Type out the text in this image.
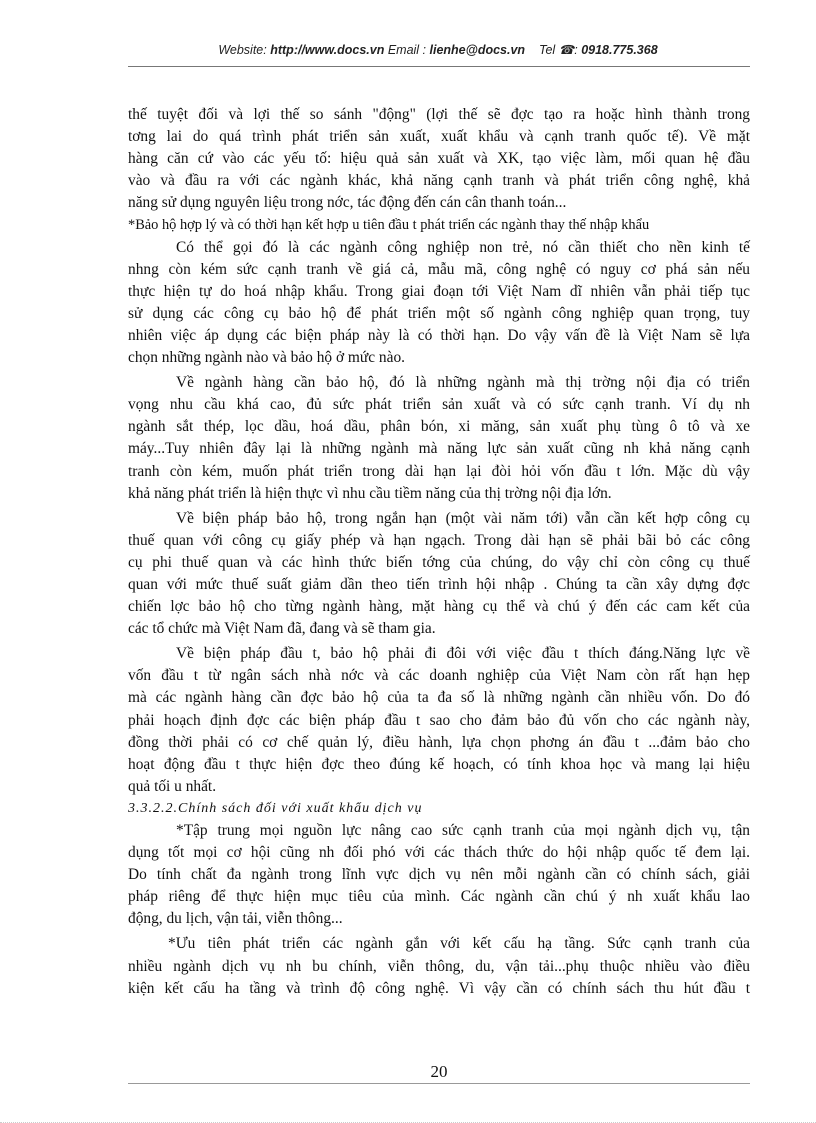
Website: http://www.docs.vn Email : lienhe@docs.vn Tel ☎: 0918.775.368
thế tuyệt đối và lợi thế so sánh "động" (lợi thế sẽ đợc tạo ra hoặc hình thành trong
tơng lai do quá trình phát triển sản xuất, xuất khẩu và cạnh tranh quốc tế). Về mặt
hàng căn cứ vào các yếu tố: hiệu quả sản xuất và XK, tạo việc làm, mối quan hệ đầu
vào và đầu ra với các ngành khác, khả năng cạnh tranh và phát triển công nghệ, khả
năng sử dụng nguyên liệu trong nớc, tác động đến cán cân thanh toán...
*Bảo hộ hợp lý và có thời hạn kết hợp u tiên đầu t phát triển các ngành thay thế nhập khẩu
Có thể gọi đó là các ngành công nghiệp non trẻ, nó cần thiết cho nền kinh tế
nhng còn kém sức cạnh tranh về giá cả, mẫu mã, công nghệ có nguy cơ phá sản nếu
thực hiện tự do hoá nhập khẩu. Trong giai đoạn tới Việt Nam dĩ nhiên vẫn phải tiếp tục
sử dụng các công cụ bảo hộ để phát triển một số ngành công nghiệp quan trọng, tuy
nhiên việc áp dụng các biện pháp này là có thời hạn. Do vậy vấn đề là Việt Nam sẽ lựa
chọn những ngành nào và bảo hộ ở mức nào.
Về ngành hàng cần bảo hộ, đó là những ngành mà thị trờng nội địa có triển
vọng nhu cầu khá cao, đủ sức phát triển sản xuất và có sức cạnh tranh. Ví dụ nh
ngành sắt thép, lọc dầu, hoá dầu, phân bón, xi măng, sản xuất phụ tùng ô tô và xe
máy...Tuy nhiên đây lại là những ngành mà năng lực sản xuất cũng nh khả năng cạnh
tranh còn kém, muốn phát triển trong dài hạn lại đòi hỏi vốn đầu t lớn. Mặc dù vậy
khả năng phát triển là hiện thực vì nhu cầu tiềm năng của thị trờng nội địa lớn.
Về biện pháp bảo hộ, trong ngắn hạn (một vài năm tới) vẫn cần kết hợp công cụ
thuế quan với công cụ giấy phép và hạn ngạch. Trong dài hạn sẽ phải bãi bỏ các công
cụ phi thuế quan và các hình thức biến tớng của chúng, do vậy chỉ còn công cụ thuế
quan với mức thuế suất giảm dần theo tiến trình hội nhập . Chúng ta cần xây dựng đợc
chiến lợc bảo hộ cho từng ngành hàng, mặt hàng cụ thể và chú ý đến các cam kết của
các tổ chức mà Việt Nam đã, đang và sẽ tham gia.
Về biện pháp đầu t, bảo hộ phải đi đôi với việc đầu t thích đáng.Năng lực về
vốn đầu t từ ngân sách nhà nớc và các doanh nghiệp của Việt Nam còn rất hạn hẹp
mà các ngành hàng cần đợc bảo hộ của ta đa số là những ngành cần nhiều vốn. Do đó
phải hoạch định đợc các biện pháp đầu t sao cho đảm bảo đủ vốn cho các ngành này,
đồng thời phải có cơ chế quản lý, điều hành, lựa chọn phơng án đầu t ...đảm bảo cho
hoạt động đầu t thực hiện đợc theo đúng kế hoạch, có tính khoa học và mang lại hiệu
quả tối u nhất.
3.3.2.2.Chính sách đối với xuất khẩu dịch vụ
*Tập trung mọi nguồn lực nâng cao sức cạnh tranh của mọi ngành dịch vụ, tận
dụng tốt mọi cơ hội cũng nh đối phó với các thách thức do hội nhập quốc tế đem lại.
Do tính chất đa ngành trong lĩnh vực dịch vụ nên mỗi ngành cần có chính sách, giải
pháp riêng để thực hiện mục tiêu của mình. Các ngành cần chú ý nh xuất khẩu lao
động, du lịch, vận tải, viễn thông...
*Ưu tiên phát triển các ngành gắn với kết cấu hạ tầng. Sức cạnh tranh của
nhiều ngành dịch vụ nh bu chính, viễn thông, du, vận tải...phụ thuộc nhiều vào điều
kiện kết cấu ha tầng và trình độ công nghệ. Vì vậy cần có chính sách thu hút đầu t
20
